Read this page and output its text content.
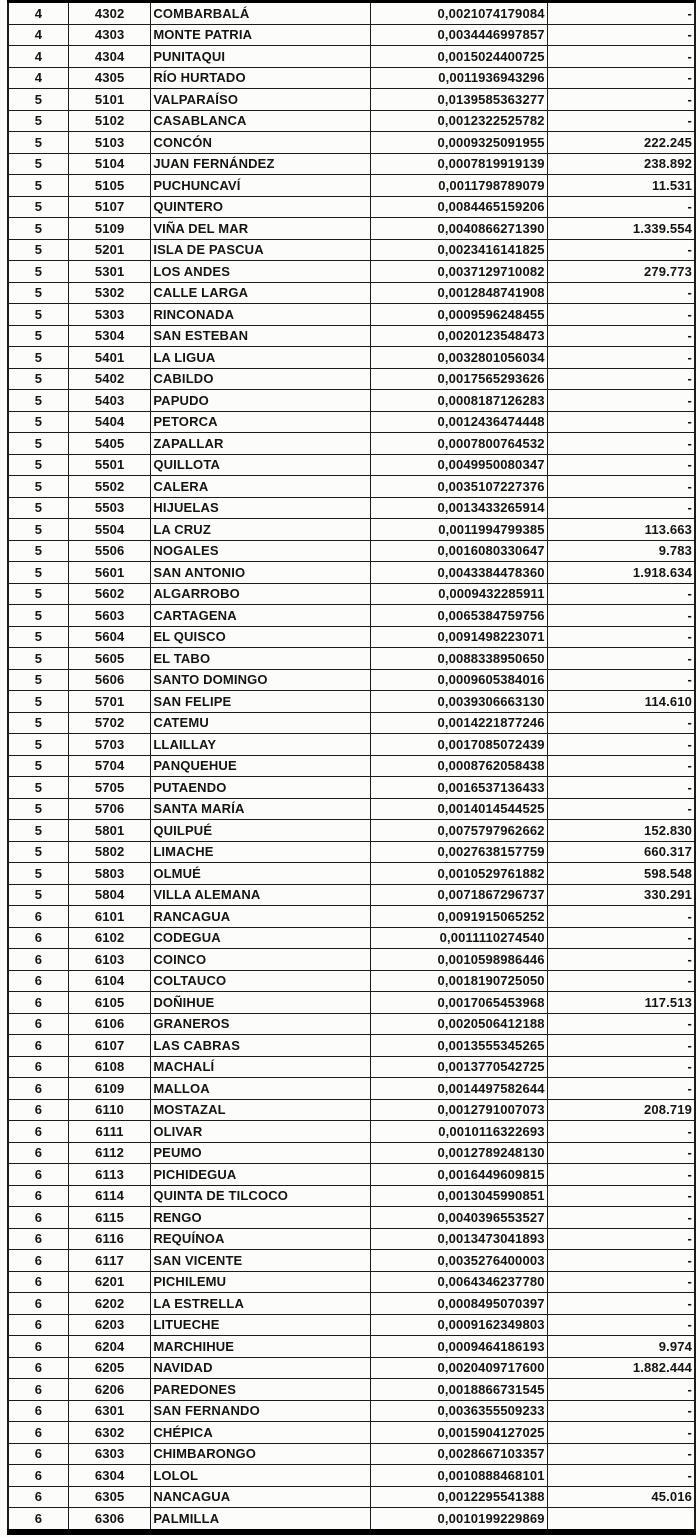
4	4302	COMBARBALÁ	0,0021074179084	-
4	4303	MONTE PATRIA	0,0034446997857	-
4	4304	PUNITAQUI	0,0015024400725	-
4	4305	RÍO HURTADO	0,0011936943296	-
5	5101	VALPARAÍSO	0,0139585363277	-
5	5102	CASABLANCA	0,0012322525782	-
5	5103	CONCÓN	0,0009325091955	222.245
5	5104	JUAN FERNÁNDEZ	0,0007819919139	238.892
5	5105	PUCHUNCAVÍ	0,0011798789079	11.531
5	5107	QUINTERO	0,0084465159206	-
5	5109	VIÑA DEL MAR	0,0040866271390	1.339.554
5	5201	ISLA DE PASCUA	0,0023416141825	-
5	5301	LOS ANDES	0,0037129710082	279.773
5	5302	CALLE LARGA	0,0012848741908	-
5	5303	RINCONADA	0,0009596248455	-
5	5304	SAN ESTEBAN	0,0020123548473	-
5	5401	LA LIGUA	0,0032801056034	-
5	5402	CABILDO	0,0017565293626	-
5	5403	PAPUDO	0,0008187126283	-
5	5404	PETORCA	0,0012436474448	-
5	5405	ZAPALLAR	0,0007800764532	-
5	5501	QUILLOTA	0,0049950080347	-
5	5502	CALERA	0,0035107227376	-
5	5503	HIJUELAS	0,0013433265914	-
5	5504	LA CRUZ	0,0011994799385	113.663
5	5506	NOGALES	0,0016080330647	9.783
5	5601	SAN ANTONIO	0,0043384478360	1.918.634
5	5602	ALGARROBO	0,0009432285911	-
5	5603	CARTAGENA	0,0065384759756	-
5	5604	EL QUISCO	0,0091498223071	-
5	5605	EL TABO	0,0088338950650	-
5	5606	SANTO DOMINGO	0,0009605384016	-
5	5701	SAN FELIPE	0,0039306663130	114.610
5	5702	CATEMU	0,0014221877246	-
5	5703	LLAILLAY	0,0017085072439	-
5	5704	PANQUEHUE	0,0008762058438	-
5	5705	PUTAENDO	0,0016537136433	-
5	5706	SANTA MARÍA	0,0014014544525	-
5	5801	QUILPUÉ	0,0075797962662	152.830
5	5802	LIMACHE	0,0027638157759	660.317
5	5803	OLMUÉ	0,0010529761882	598.548
5	5804	VILLA ALEMANA	0,0071867296737	330.291
6	6101	RANCAGUA	0,0091915065252	-
6	6102	CODEGUA	0,0011110274540	-
6	6103	COINCO	0,0010598986446	-
6	6104	COLTAUCO	0,0018190725050	-
6	6105	DOÑIHUE	0,0017065453968	117.513
6	6106	GRANEROS	0,0020506412188	-
6	6107	LAS CABRAS	0,0013555345265	-
6	6108	MACHALÍ	0,0013770542725	-
6	6109	MALLOA	0,0014497582644	-
6	6110	MOSTAZAL	0,0012791007073	208.719
6	6111	OLIVAR	0,0010116322693	-
6	6112	PEUMO	0,0012789248130	-
6	6113	PICHIDEGUA	0,0016449609815	-
6	6114	QUINTA DE TILCOCO	0,0013045990851	-
6	6115	RENGO	0,0040396553527	-
6	6116	REQUÍNOA	0,0013473041893	-
6	6117	SAN VICENTE	0,0035276400003	-
6	6201	PICHILEMU	0,0064346237780	-
6	6202	LA ESTRELLA	0,0008495070397	-
6	6203	LITUECHE	0,0009162349803	-
6	6204	MARCHIHUE	0,0009464186193	9.974
6	6205	NAVIDAD	0,0020409717600	1.882.444
6	6206	PAREDONES	0,0018866731545	-
6	6301	SAN FERNANDO	0,0036355509233	-
6	6302	CHÉPICA	0,0015904127025	-
6	6303	CHIMBARONGO	0,0028667103357	-
6	6304	LOLOL	0,0010888468101	-
6	6305	NANCAGUA	0,0012295541388	45.016
6	6306	PALMILLA	0,0010199229869	
